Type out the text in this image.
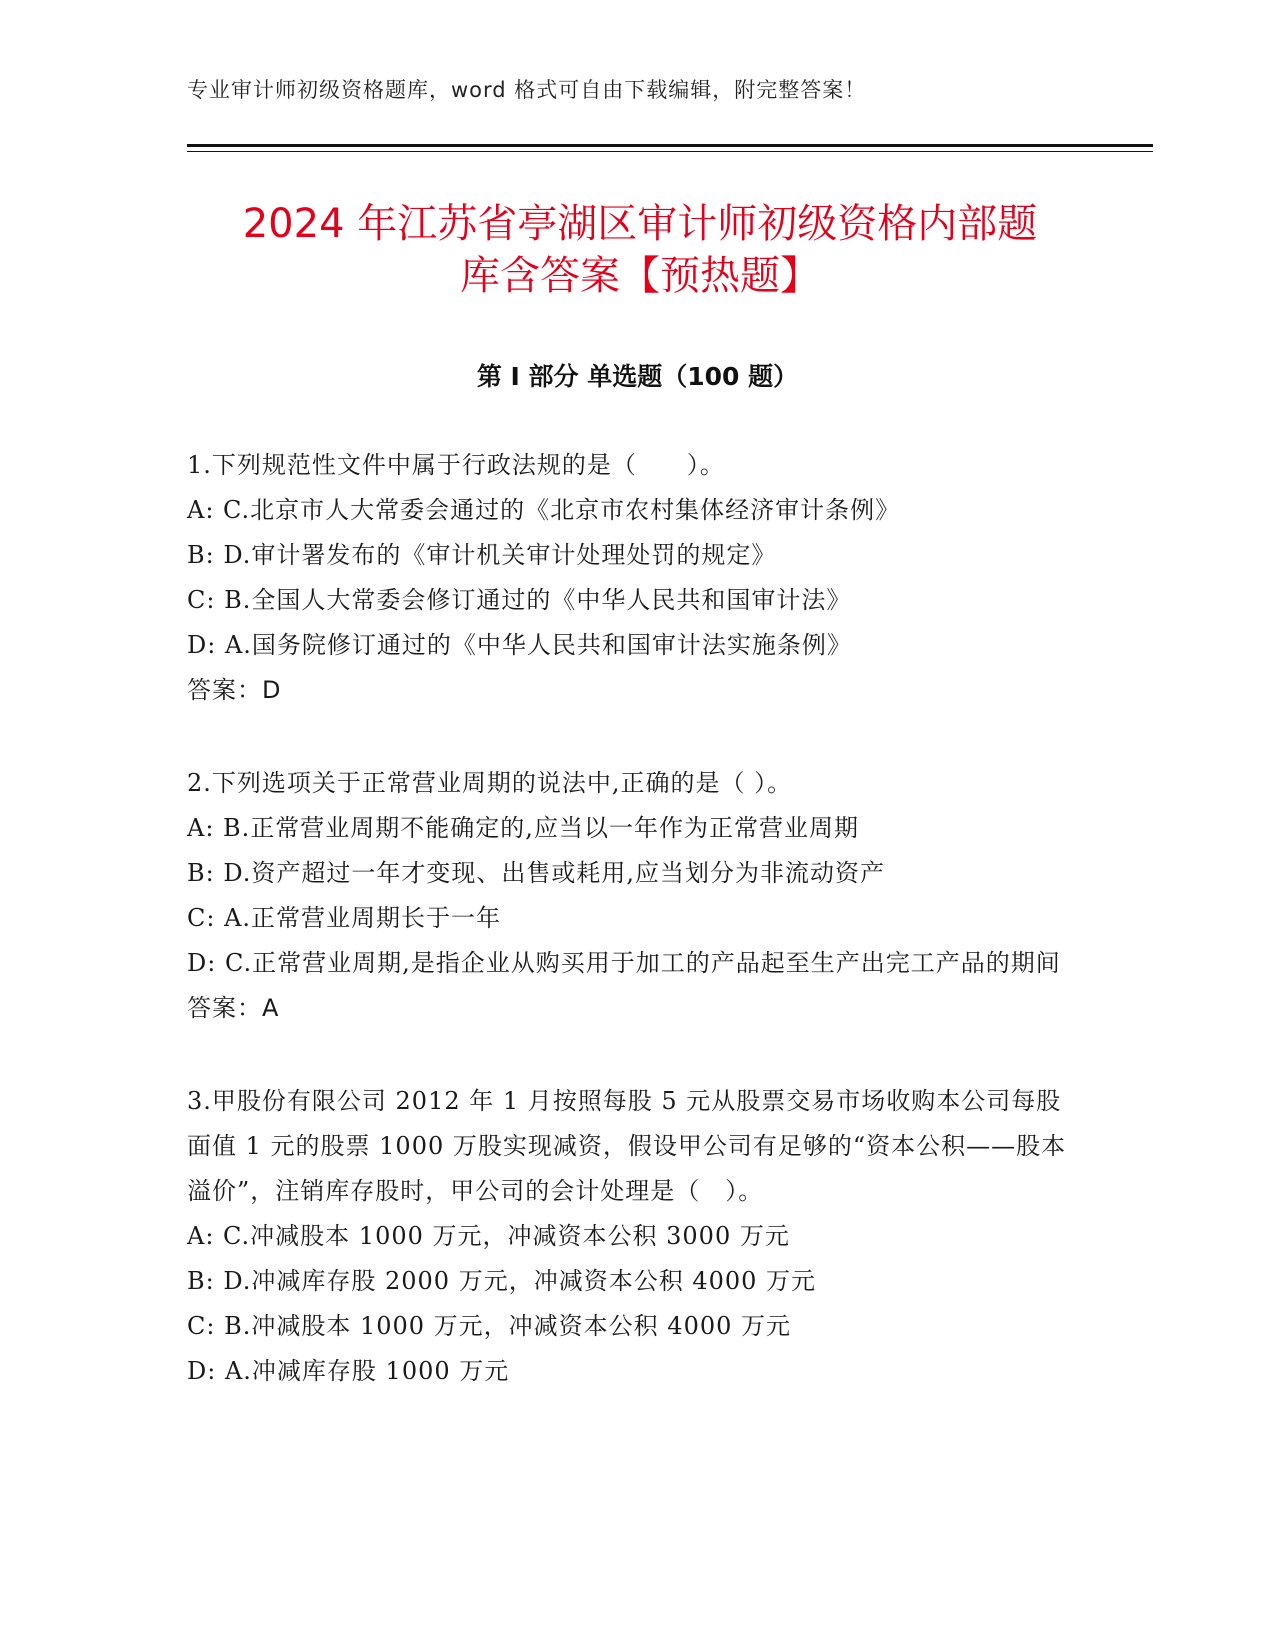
专业审计师初级资格题库，word 格式可自由下载编辑，附完整答案！
2024 年江苏省亭湖区审计师初级资格内部题
库含答案【预热题】
第 I 部分 单选题（100 题）

1.下列规范性文件中属于行政法规的是（　　）。

A: C.北京市人大常委会通过的《北京市农村集体经济审计条例》

B: D.审计署发布的《审计机关审计处理处罚的规定》

C: B.全国人大常委会修订通过的《中华人民共和国审计法》

D: A.国务院修订通过的《中华人民共和国审计法实施条例》

答案：D

2.下列选项关于正常营业周期的说法中,正确的是（ ）。

A: B.正常营业周期不能确定的,应当以一年作为正常营业周期

B: D.资产超过一年才变现、出售或耗用,应当划分为非流动资产

C: A.正常营业周期长于一年

D: C.正常营业周期,是指企业从购买用于加工的产品起至生产出完工产品的期间

答案：A

3.甲股份有限公司 2012 年 1 月按照每股 5 元从股票交易市场收购本公司每股面值 1 元的股票 1000 万股实现减资，假设甲公司有足够的“资本公积——股本溢价”，注销库存股时，甲公司的会计处理是（　）。

A: C.冲减股本 1000 万元，冲减资本公积 3000 万元

B: D.冲减库存股 2000 万元，冲减资本公积 4000 万元

C: B.冲减股本 1000 万元，冲减资本公积 4000 万元

D: A.冲减库存股 1000 万元
